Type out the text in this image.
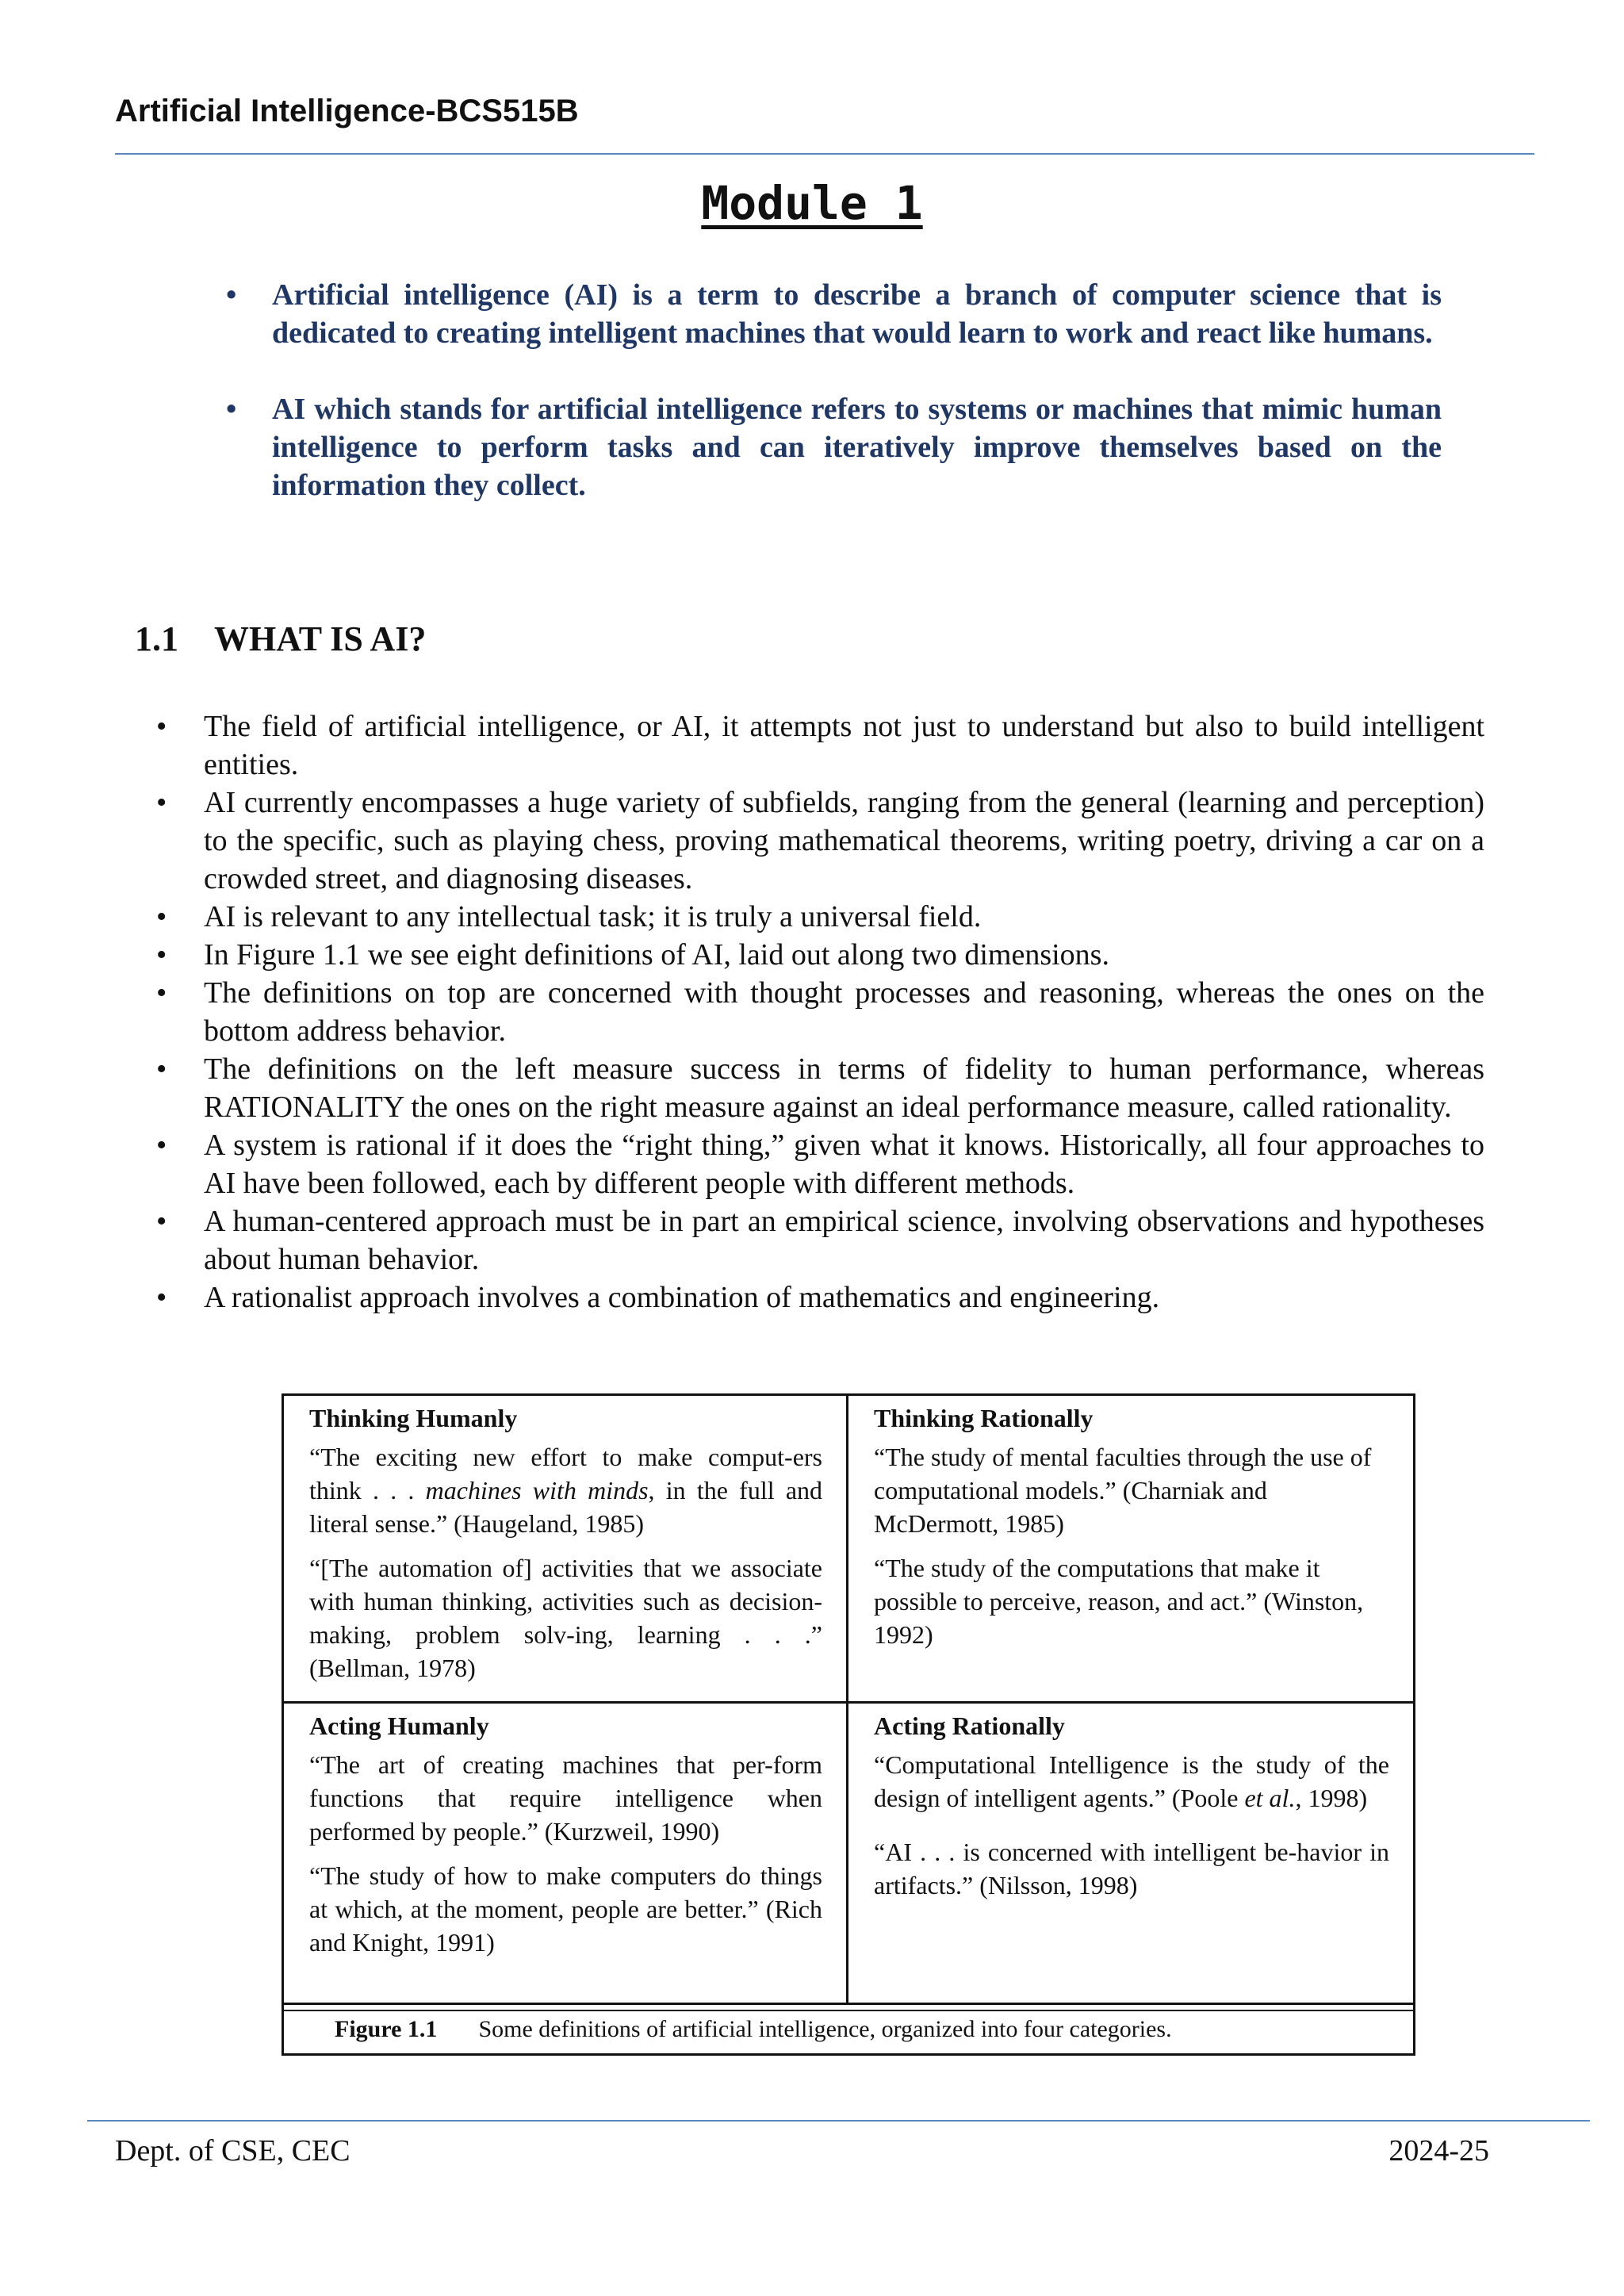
Artificial Intelligence-BCS515B
Module 1
• Artificial intelligence (AI) is a term to describe a branch of computer science that is dedicated to creating intelligent machines that would learn to work and react like humans.
• AI which stands for artificial intelligence refers to systems or machines that mimic human intelligence to perform tasks and can iteratively improve themselves based on the information they collect.
1.1 WHAT IS AI?
• The field of artificial intelligence, or AI, it attempts not just to understand but also to build intelligent entities.
• AI currently encompasses a huge variety of subfields, ranging from the general (learning and perception) to the specific, such as playing chess, proving mathematical theorems, writing poetry, driving a car on a crowded street, and diagnosing diseases.
• AI is relevant to any intellectual task; it is truly a universal field.
• In Figure 1.1 we see eight definitions of AI, laid out along two dimensions.
• The definitions on top are concerned with thought processes and reasoning, whereas the ones on the bottom address behavior.
• The definitions on the left measure success in terms of fidelity to human performance, whereas RATIONALITY the ones on the right measure against an ideal performance measure, called rationality.
• A system is rational if it does the “right thing,” given what it knows. Historically, all four approaches to AI have been followed, each by different people with different methods.
• A human-centered approach must be in part an empirical science, involving observations and hypotheses about human behavior.
• A rationalist approach involves a combination of mathematics and engineering.
Thinking Humanly

“The exciting new effort to make comput-ers think . . . machines with minds, in the full and literal sense.” (Haugeland, 1985)

“[The automation of] activities that we associate with human thinking, activities such as decision-making, problem solv-ing, learning . . .” (Bellman, 1978)

Thinking Rationally

“The study of mental faculties through the use of computational models.” (Charniak and McDermott, 1985)

“The study of the computations that make it possible to perceive, reason, and act.” (Winston, 1992)

Acting Humanly

“The art of creating machines that per-form functions that require intelligence when performed by people.” (Kurzweil, 1990)

“The study of how to make computers do things at which, at the moment, people are better.” (Rich and Knight, 1991)

Acting Rationally

“Computational Intelligence is the study of the design of intelligent agents.” (Poole et al., 1998)

“AI . . . is concerned with intelligent be-havior in artifacts.” (Nilsson, 1998)

Figure 1.1 Some definitions of artificial intelligence, organized into four categories.
Dept. of CSE, CEC	2024-25
